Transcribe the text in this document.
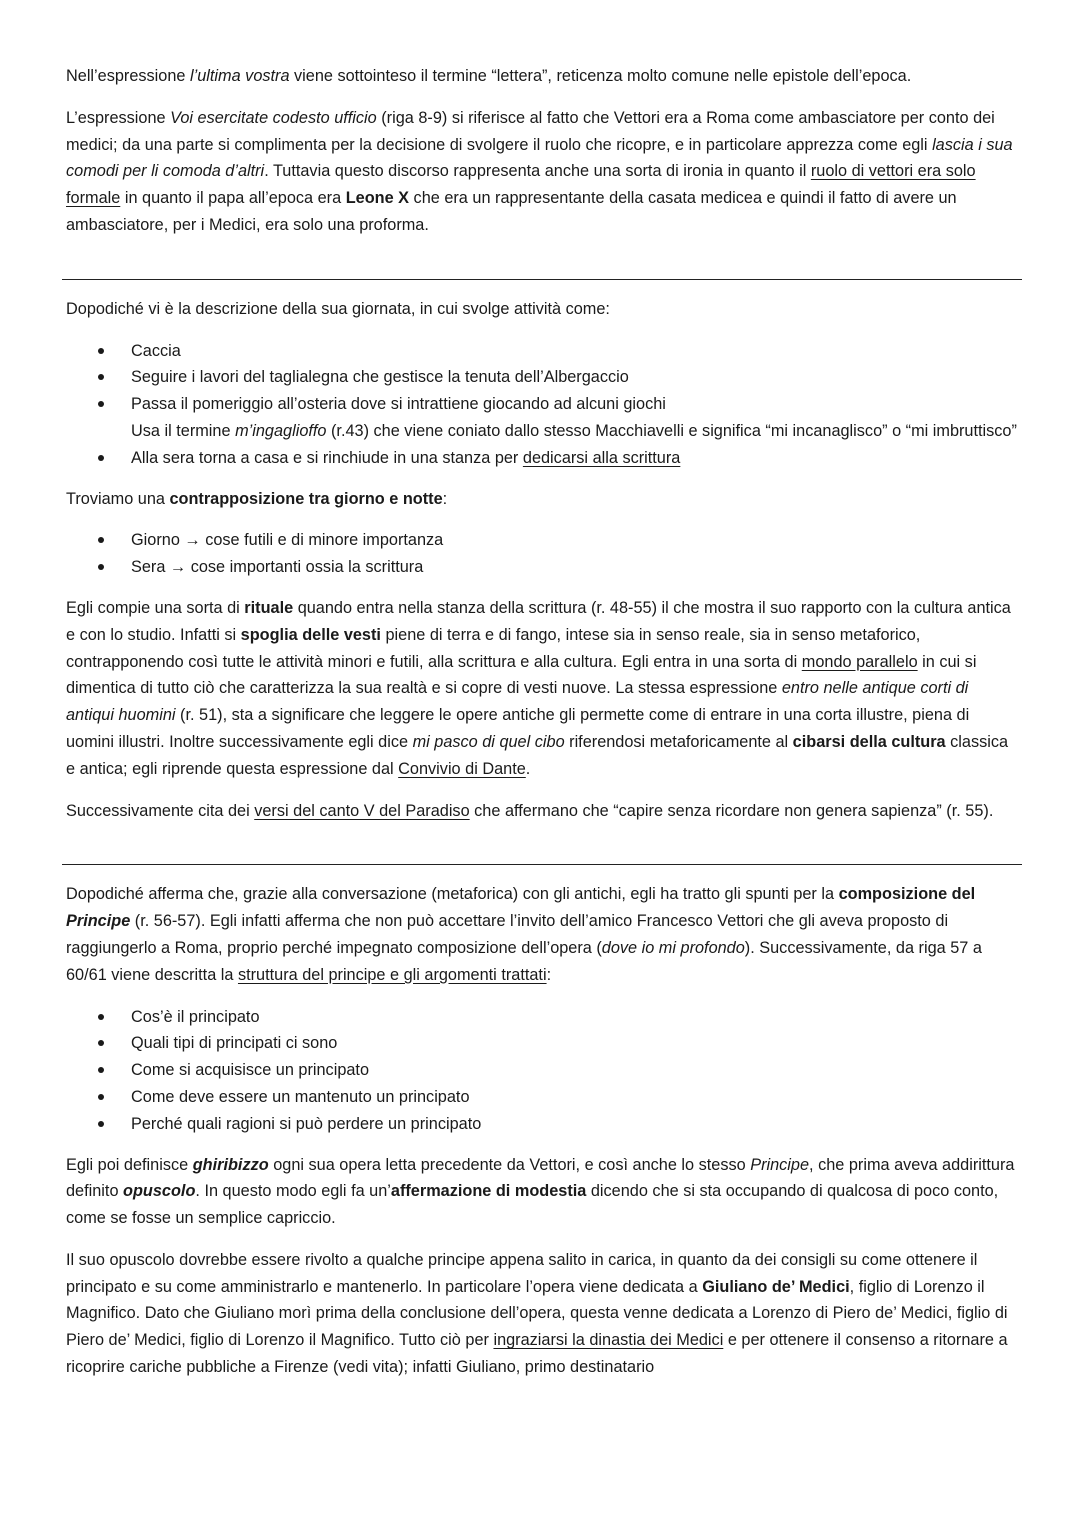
Nell’espressione l’ultima vostra viene sottointeso il termine “lettera”, reticenza molto comune nelle epistole dell’epoca.

L’espressione Voi esercitate codesto ufficio (riga 8-9) si riferisce al fatto che Vettori era a Roma come ambasciatore per conto dei medici; da una parte si complimenta per la decisione di svolgere il ruolo che ricopre, e in particolare apprezza come egli lascia i sua comodi per li comoda d’altri. Tuttavia questo discorso rappresenta anche una sorta di ironia in quanto il ruolo di vettori era solo formale in quanto il papa all’epoca era Leone X che era un rappresentante della casata medicea e quindi il fatto di avere un ambasciatore, per i Medici, era solo una proforma.

Dopodiché vi è la descrizione della sua giornata, in cui svolge attività come:

Caccia
Seguire i lavori del taglialegna che gestisce la tenuta dell’Albergaccio
Passa il pomeriggio all’osteria dove si intrattiene giocando ad alcuni giochi
Usa il termine m’ingaglioffo (r.43) che viene coniato dallo stesso Macchiavelli e significa “mi incanaglisco” o “mi imbruttisco”
Alla sera torna a casa e si rinchiude in una stanza per dedicarsi alla scrittura

Troviamo una contrapposizione tra giorno e notte:

Giorno → cose futili e di minore importanza
Sera → cose importanti ossia la scrittura

Egli compie una sorta di rituale quando entra nella stanza della scrittura (r. 48-55) il che mostra il suo rapporto con la cultura antica e con lo studio. Infatti si spoglia delle vesti piene di terra e di fango, intese sia in senso reale, sia in senso metaforico, contrapponendo così tutte le attività minori e futili, alla scrittura e alla cultura. Egli entra in una sorta di mondo parallelo in cui si dimentica di tutto ciò che caratterizza la sua realtà e si copre di vesti nuove. La stessa espressione entro nelle antique corti di antiqui huomini (r. 51), sta a significare che leggere le opere antiche gli permette come di entrare in una corta illustre, piena di uomini illustri. Inoltre successivamente egli dice mi pasco di quel cibo riferendosi metaforicamente al cibarsi della cultura classica e antica; egli riprende questa espressione dal Convivio di Dante.

Successivamente cita dei versi del canto V del Paradiso che affermano che “capire senza ricordare non genera sapienza” (r. 55).

Dopodiché afferma che, grazie alla conversazione (metaforica) con gli antichi, egli ha tratto gli spunti per la composizione del Principe (r. 56-57). Egli infatti afferma che non può accettare l’invito dell’amico Francesco Vettori che gli aveva proposto di raggiungerlo a Roma, proprio perché impegnato composizione dell’opera (dove io mi profondo). Successivamente, da riga 57 a 60/61 viene descritta la struttura del principe e gli argomenti trattati:

Cos’è il principato
Quali tipi di principati ci sono
Come si acquisisce un principato
Come deve essere un mantenuto un principato
Perché quali ragioni si può perdere un principato

Egli poi definisce ghiribizzo ogni sua opera letta precedente da Vettori, e così anche lo stesso Principe, che prima aveva addirittura definito opuscolo. In questo modo egli fa un’affermazione di modestia dicendo che si sta occupando di qualcosa di poco conto, come se fosse un semplice capriccio.

Il suo opuscolo dovrebbe essere rivolto a qualche principe appena salito in carica, in quanto da dei consigli su come ottenere il principato e su come amministrarlo e mantenerlo. In particolare l’opera viene dedicata a Giuliano de’ Medici, figlio di Lorenzo il Magnifico. Dato che Giuliano morì prima della conclusione dell’opera, questa venne dedicata a Lorenzo di Piero de’ Medici, figlio di Piero de’ Medici, figlio di Lorenzo il Magnifico. Tutto ciò per ingraziarsi la dinastia dei Medici e per ottenere il consenso a ritornare a ricoprire cariche pubbliche a Firenze (vedi vita); infatti Giuliano, primo destinatario
